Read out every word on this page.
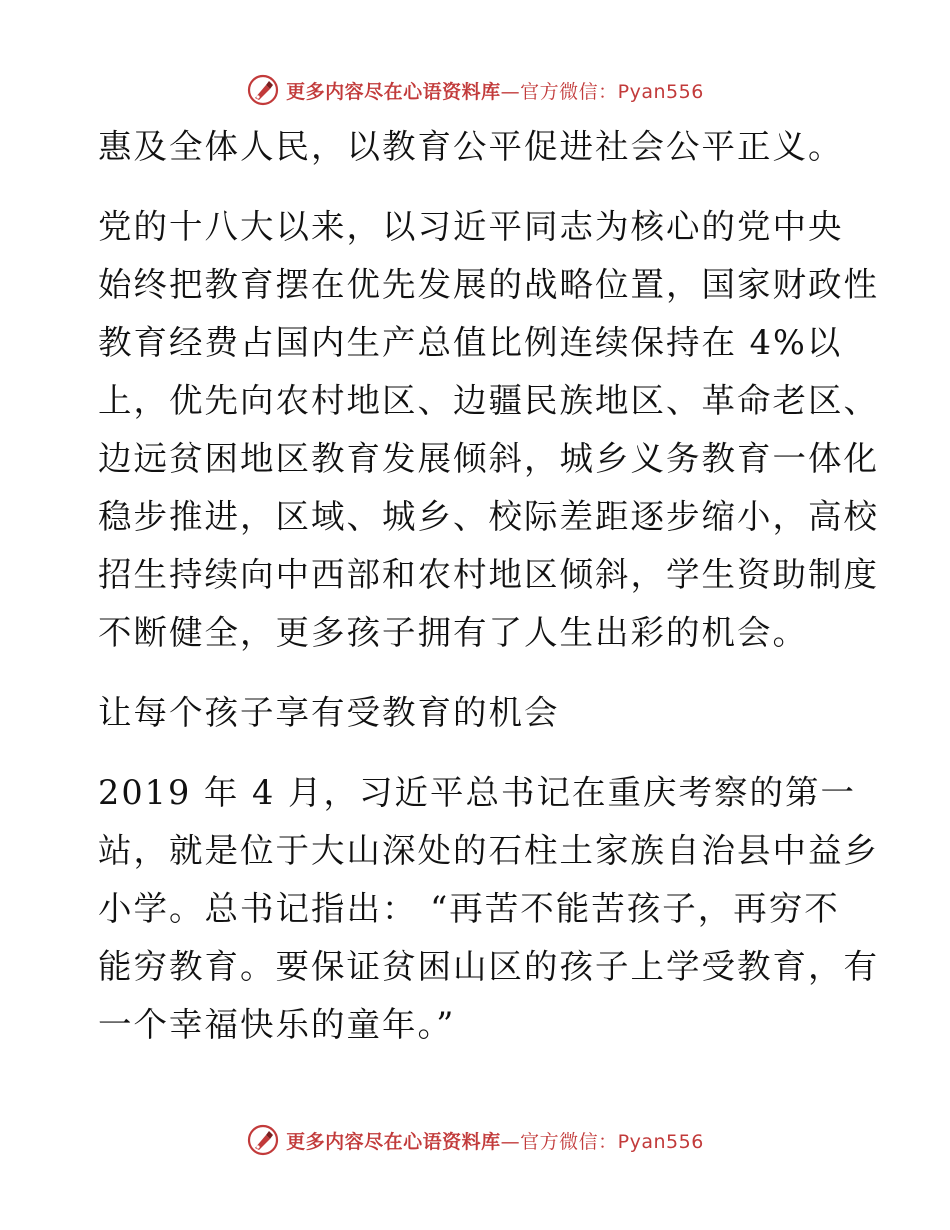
更多内容尽在心语资料库—官方微信：Pyan556

惠及全体人民，以教育公平促进社会公平正义。

党的十八大以来，以习近平同志为核心的党中央
始终把教育摆在优先发展的战略位置，国家财政性
教育经费占国内生产总值比例连续保持在 4%以
上，优先向农村地区、边疆民族地区、革命老区、
边远贫困地区教育发展倾斜，城乡义务教育一体化
稳步推进，区域、城乡、校际差距逐步缩小，高校
招生持续向中西部和农村地区倾斜，学生资助制度
不断健全，更多孩子拥有了人生出彩的机会。

让每个孩子享有受教育的机会

2019 年 4 月，习近平总书记在重庆考察的第一
站，就是位于大山深处的石柱土家族自治县中益乡
小学。总书记指出： “再苦不能苦孩子，再穷不
能穷教育。要保证贫困山区的孩子上学受教育，有
一个幸福快乐的童年。”

更多内容尽在心语资料库—官方微信：Pyan556
